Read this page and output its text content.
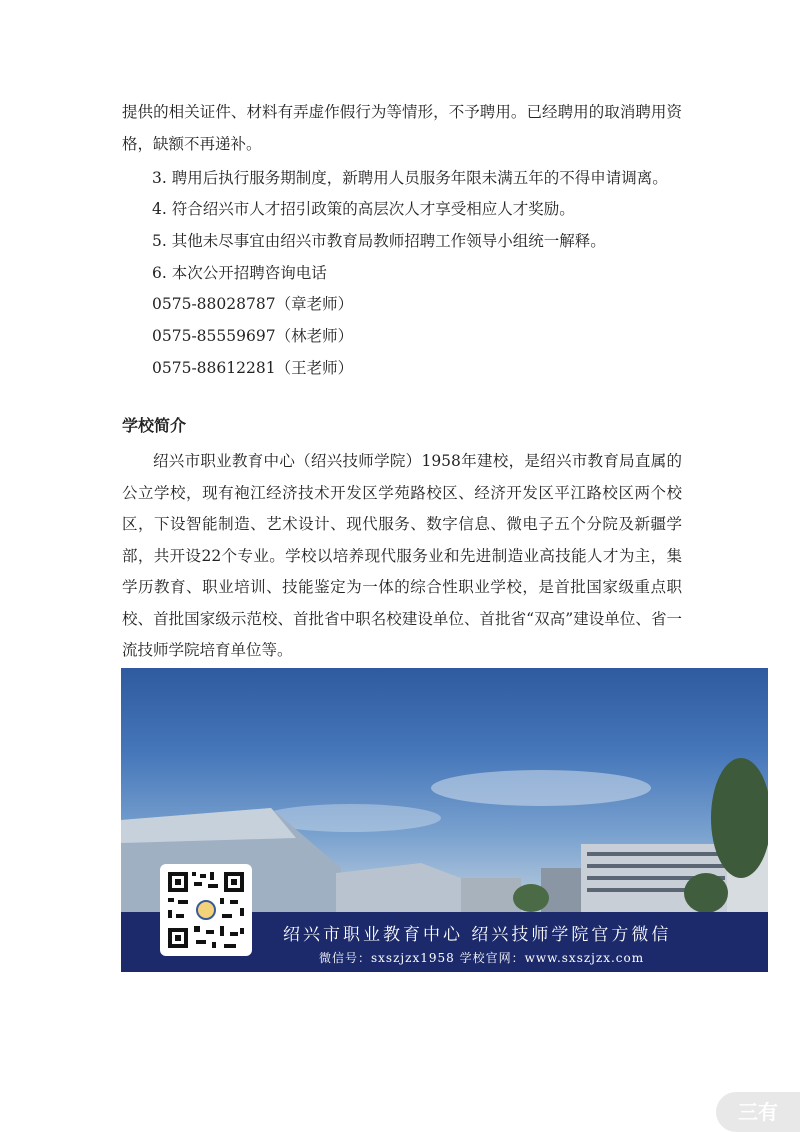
提供的相关证件、材料有弄虚作假行为等情形，不予聘用。已经聘用的取消聘用资格，缺额不再递补。

3. 聘用后执行服务期制度，新聘用人员服务年限未满五年的不得申请调离。
4. 符合绍兴市人才招引政策的高层次人才享受相应人才奖励。
5. 其他未尽事宜由绍兴市教育局教师招聘工作领导小组统一解释。
6. 本次公开招聘咨询电话
0575-88028787（章老师）
0575-85559697（林老师）
0575-88612281（王老师）
学校简介

绍兴市职业教育中心（绍兴技师学院）1958年建校，是绍兴市教育局直属的公立学校，现有袍江经济技术开发区学苑路校区、经济开发区平江路校区两个校区，下设智能制造、艺术设计、现代服务、数字信息、微电子五个分院及新疆学部，共开设22个专业。学校以培养现代服务业和先进制造业高技能人才为主，集学历教育、职业培训、技能鉴定为一体的综合性职业学校，是首批国家级重点职校、首批国家级示范校、首批省中职名校建设单位、首批省“双高”建设单位、省一流技师学院培育单位等。

绍兴市职业教育中心 绍兴技师学院官方微信
微信号：sxszjzx1958 学校官网：www.sxszjzx.com
三有
